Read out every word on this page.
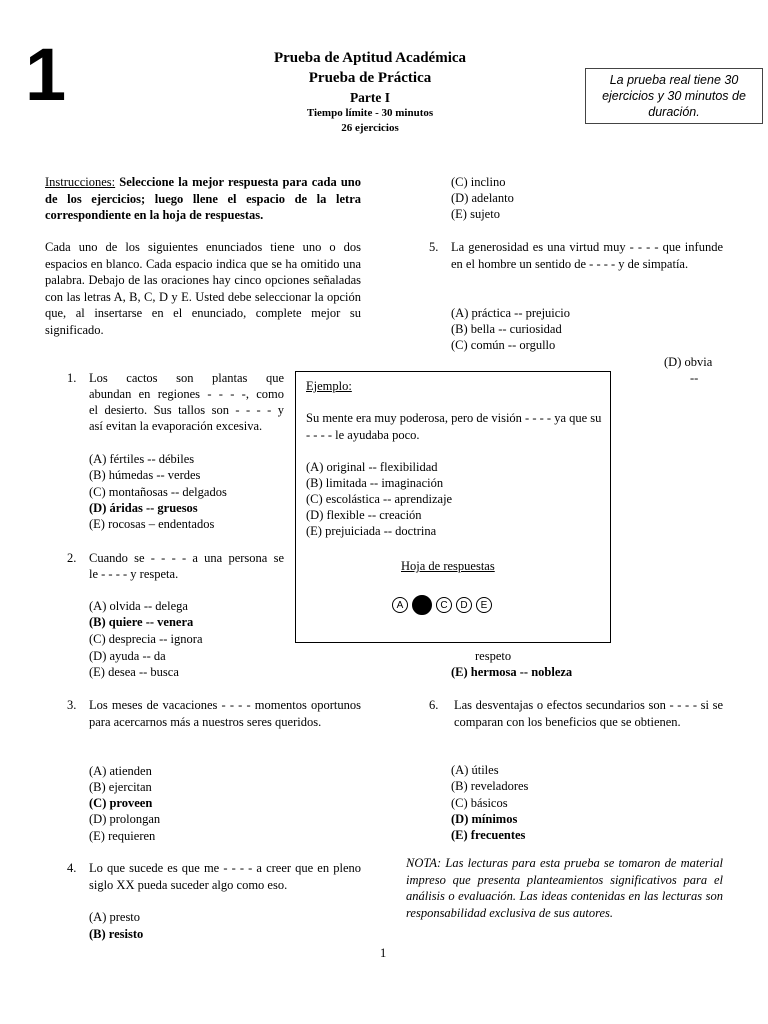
1	Prueba de Aptitud Académica
Prueba de Práctica
Parte I
Tiempo límite - 30 minutos
26 ejercicios
La prueba real tiene 30 ejercicios y 30 minutos de duración.
Instrucciones: Seleccione la mejor respuesta para cada uno de los ejercicios; luego llene el espacio de la letra correspondiente en la hoja de respuestas.
Cada uno de los siguientes enunciados tiene uno o dos espacios en blanco. Cada espacio indica que se ha omitido una palabra. Debajo de las oraciones hay cinco opciones señaladas con las letras A, B, C, D y E. Usted debe seleccionar la opción que, al insertarse en el enunciado, complete mejor su significado.
1. Los cactos son plantas que
abundan en regiones - - - -, como
el desierto. Sus tallos son - - - - y
así evitan la evaporación excesiva.
(A) fértiles -- débiles
(B) húmedas -- verdes
(C) montañosas -- delgados
(D) áridas -- gruesos
(E) rocosas – endentados
2. Cuando se - - - - a una persona se
le - - - - y respeta.
(A) olvida -- delega
(B) quiere -- venera
(C) desprecia -- ignora
(D) ayuda -- da
(E) desea -- busca
3. Los meses de vacaciones - - - - momentos oportunos para acercarnos más a nuestros seres queridos.
(A) atienden
(B) ejercitan
(C) proveen
(D) prolongan
(E) requieren
4. Lo que sucede es que me - - - - a creer que en pleno siglo XX pueda suceder algo como eso.
(A) presto
(B) resisto
(C) inclino
(D) adelanto
(E) sujeto
Ejemplo:
Su mente era muy poderosa, pero de visión - - - - ya que su - - - - le ayudaba poco.
(A) original -- flexibilidad
(B) limitada -- imaginación
(C) escolástica -- aprendizaje
(D) flexible -- creación
(E) prejuiciada -- doctrina
Hoja de respuestas
A	C	D	E
5. La generosidad es una virtud muy - - - - que infunde en el hombre un sentido de - - - - y de simpatía.
(A) práctica -- prejuicio
(B) bella -- curiosidad
(C) común -- orgullo
(D) obvia
--
respeto
(E) hermosa -- nobleza
6. Las desventajas o efectos secundarios son - - - - si se comparan con los beneficios que se obtienen.
(A) útiles
(B) reveladores
(C) básicos
(D) mínimos
(E) frecuentes
NOTA: Las lecturas para esta prueba se tomaron de material impreso que presenta planteamientos significativos para el análisis o evaluación. Las ideas contenidas en las lecturas son responsabilidad exclusiva de sus autores.
1
